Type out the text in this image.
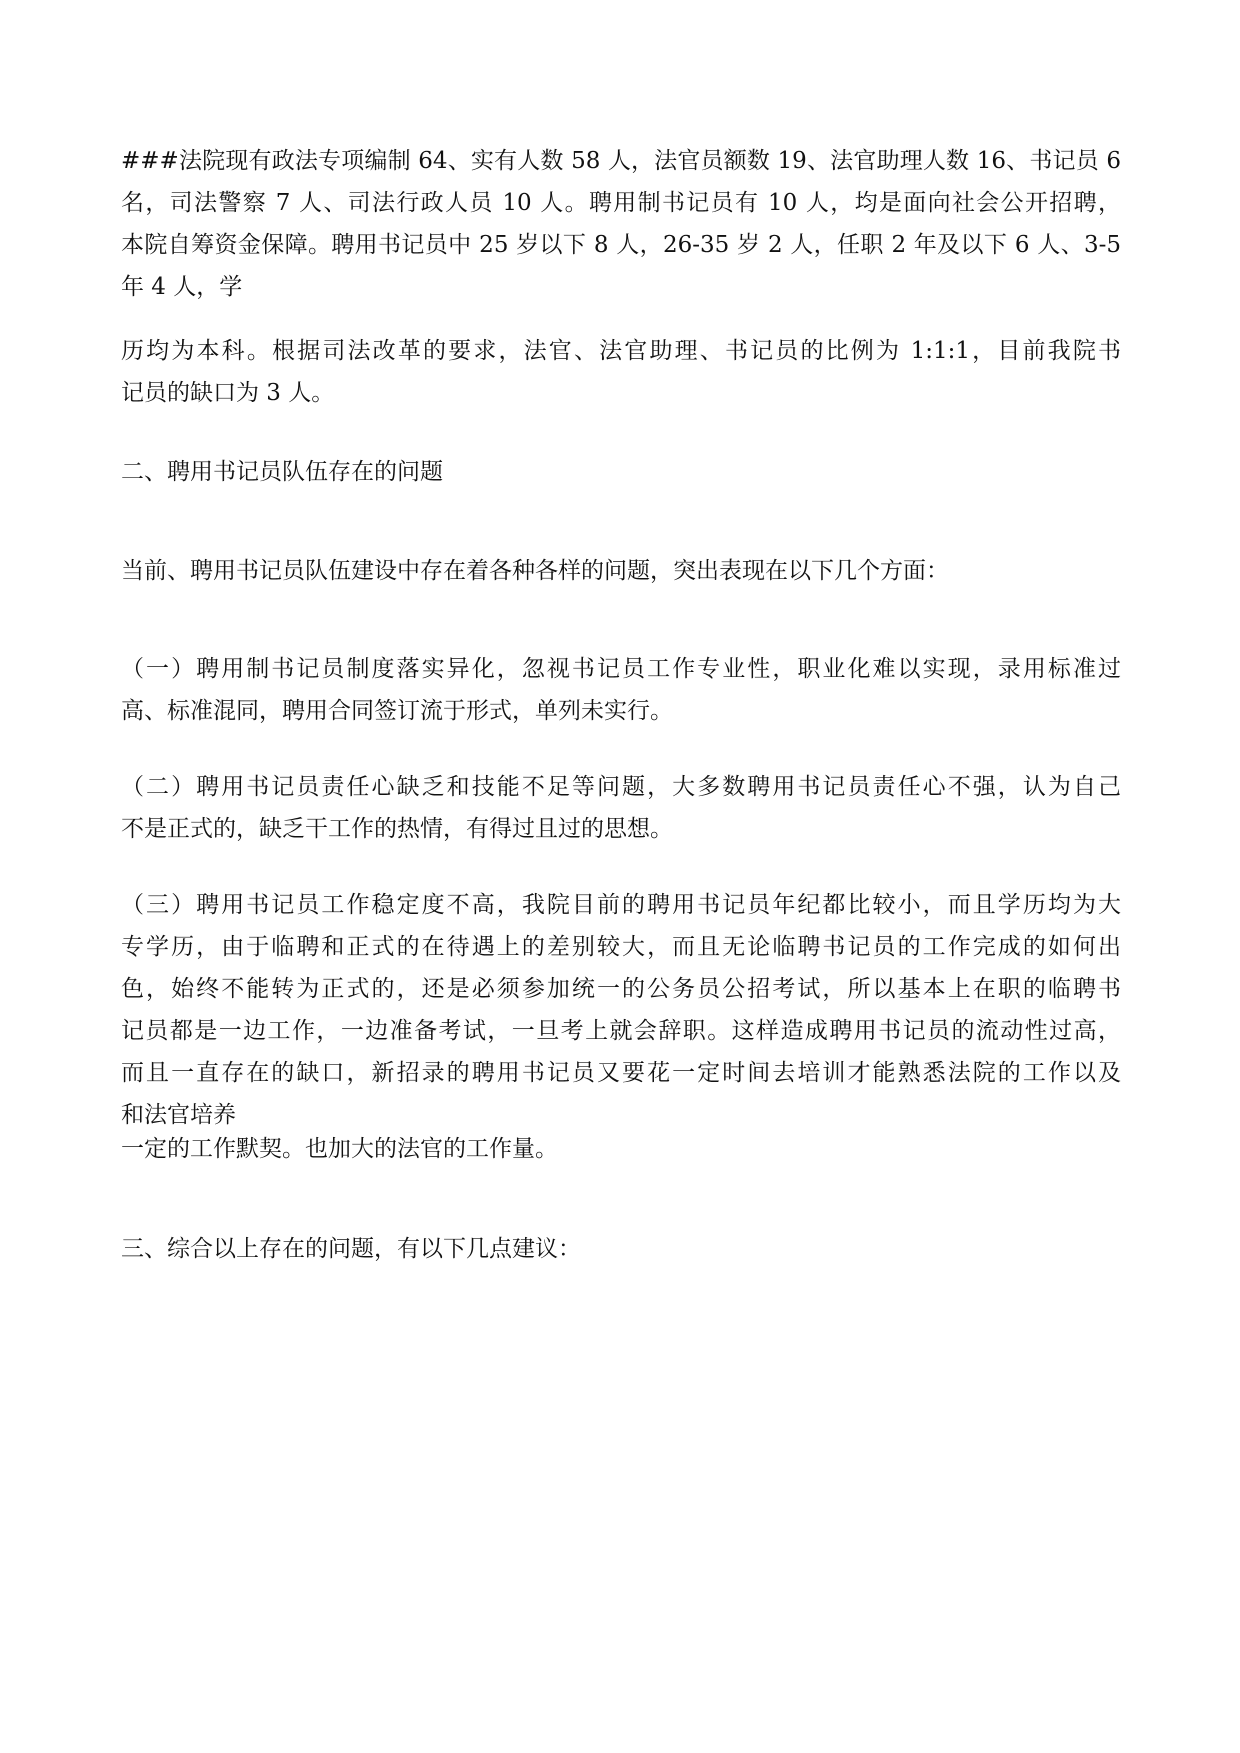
###法院现有政法专项编制 64、实有人数 58 人，法官员额数 19、法官助理人数 16、书记员 6
名，司法警察 7 人、司法行政人员 10 人。聘用制书记员有 10 人，均是面向社会公开招聘，
本院自筹资金保障。聘用书记员中 25 岁以下 8 人，26-35 岁 2 人，任职 2 年及以下 6 人、3-5
年 4 人，学
历均为本科。根据司法改革的要求，法官、法官助理、书记员的比例为 1:1:1，目前我院书
记员的缺口为 3 人。
二、聘用书记员队伍存在的问题
当前、聘用书记员队伍建设中存在着各种各样的问题，突出表现在以下几个方面：
（一）聘用制书记员制度落实异化，忽视书记员工作专业性，职业化难以实现，录用标准过
高、标准混同，聘用合同签订流于形式，单列未实行。
（二）聘用书记员责任心缺乏和技能不足等问题，大多数聘用书记员责任心不强，认为自己
不是正式的，缺乏干工作的热情，有得过且过的思想。
（三）聘用书记员工作稳定度不高，我院目前的聘用书记员年纪都比较小，而且学历均为大
专学历，由于临聘和正式的在待遇上的差别较大，而且无论临聘书记员的工作完成的如何出
色，始终不能转为正式的，还是必须参加统一的公务员公招考试，所以基本上在职的临聘书
记员都是一边工作，一边准备考试，一旦考上就会辞职。这样造成聘用书记员的流动性过高，
而且一直存在的缺口，新招录的聘用书记员又要花一定时间去培训才能熟悉法院的工作以及
和法官培养
一定的工作默契。也加大的法官的工作量。
三、综合以上存在的问题，有以下几点建议：
